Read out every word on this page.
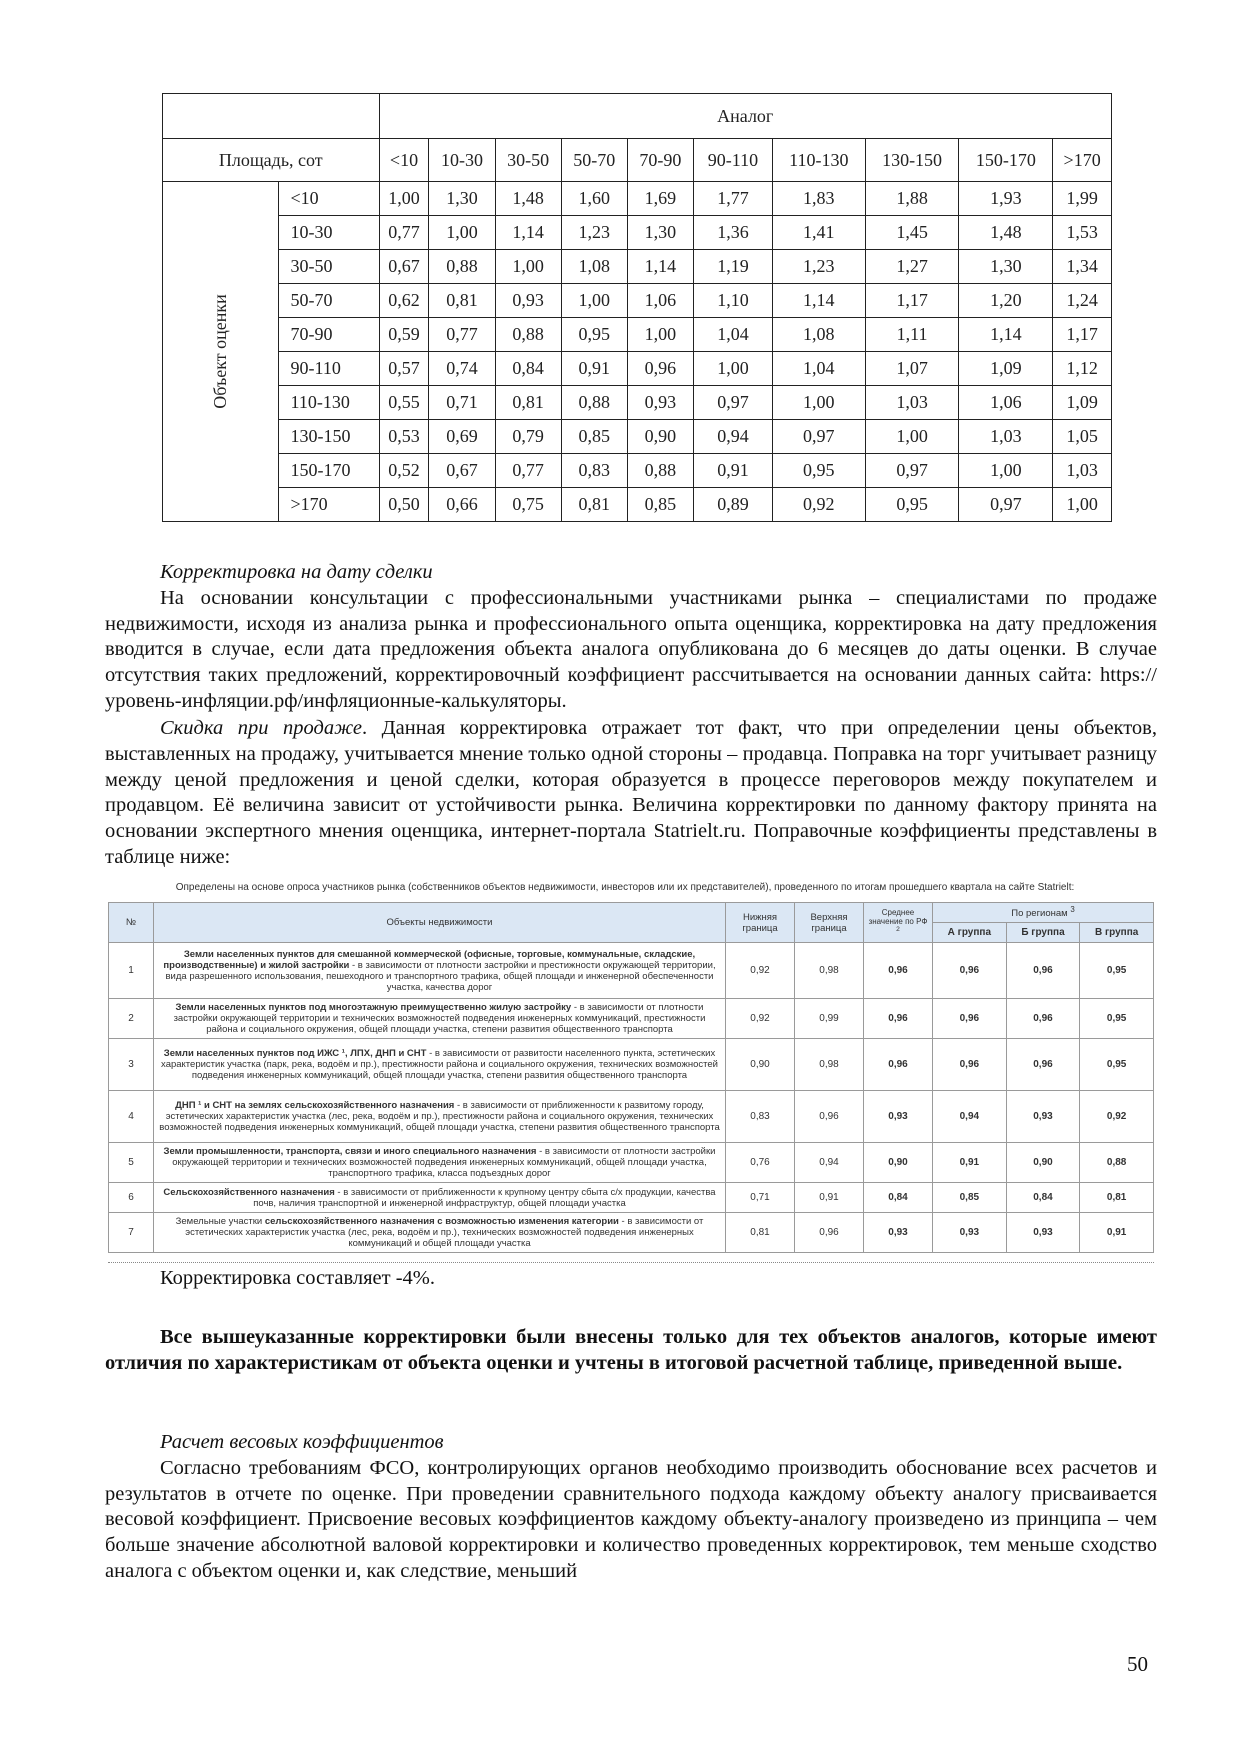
		Аналог									
Площадь, сот		<10	10-30	30-50	50-70	70-90	90-110	110-130	130-150	150-170	>170
Объект оценки	<10	1,00	1,30	1,48	1,60	1,69	1,77	1,83	1,88	1,93	1,99
	10-30	0,77	1,00	1,14	1,23	1,30	1,36	1,41	1,45	1,48	1,53
	30-50	0,67	0,88	1,00	1,08	1,14	1,19	1,23	1,27	1,30	1,34
	50-70	0,62	0,81	0,93	1,00	1,06	1,10	1,14	1,17	1,20	1,24
	70-90	0,59	0,77	0,88	0,95	1,00	1,04	1,08	1,11	1,14	1,17
	90-110	0,57	0,74	0,84	0,91	0,96	1,00	1,04	1,07	1,09	1,12
	110-130	0,55	0,71	0,81	0,88	0,93	0,97	1,00	1,03	1,06	1,09
	130-150	0,53	0,69	0,79	0,85	0,90	0,94	0,97	1,00	1,03	1,05
	150-170	0,52	0,67	0,77	0,83	0,88	0,91	0,95	0,97	1,00	1,03
	>170	0,50	0,66	0,75	0,81	0,85	0,89	0,92	0,95	0,97	1,00
Корректировка на дату сделки
На основании консультации с профессиональными участниками рынка – специалистами по продаже недвижимости, исходя из анализа рынка и профессионального опыта оценщика, корректировка на дату предложения вводится в случае, если дата предложения объекта аналога опубликована до 6 месяцев до даты оценки. В случае отсутствия таких предложений, корректировочный коэффициент рассчитывается на основании данных сайта: https://уровень-инфляции.рф/инфляционные-калькуляторы.
Скидка при продаже. Данная корректировка отражает тот факт, что при определении цены объектов, выставленных на продажу, учитывается мнение только одной стороны – продавца. Поправка на торг учитывает разницу между ценой предложения и ценой сделки, которая образуется в процессе переговоров между покупателем и продавцом. Её величина зависит от устойчивости рынка. Величина корректировки по данному фактору принята на основании экспертного мнения оценщика, интернет-портала Statrielt.ru. Поправочные коэффициенты представлены в таблице ниже:
Определены на основе опроса участников рынка (собственников объектов недвижимости, инвесторов или их представителей), проведенного по итогам прошедшего квартала на сайте Statrielt:
№	Объекты недвижимости	Нижняя граница	Верхняя граница	Среднее значение по РФ $^2$	По регионам $^3$
					А группа	Б группа	В группа
1	Земли населенных пунктов для смешанной коммерческой (офисные, торговые, коммунальные, складские, производственные) и жилой застройки - в зависимости от плотности застройки и престижности окружающей территории, вида разрешенного использования, пешеходного и транспортного трафика, общей площади и инженерной обеспеченности участка, качества дорог	0,92	0,98	0,96	0,96	0,96	0,95
2	Земли населенных пунктов под многоэтажную преимущественно жилую застройку - в зависимости от плотности застройки окружающей территории и технических возможностей подведения инженерных коммуникаций, престижности района и социального окружения, общей площади участка, степени развития общественного транспорта	0,92	0,99	0,96	0,96	0,96	0,95
3	Земли населенных пунктов под ИЖС ¹, ЛПХ, ДНП и СНТ - в зависимости от развитости населенного пункта, эстетических характеристик участка (парк, река, водоём и пр.), престижности района и социального окружения, технических возможностей подведения инженерных коммуникаций, общей площади участка, степени развития общественного транспорта	0,90	0,98	0,96	0,96	0,96	0,95
4	ДНП ¹ и СНТ на землях сельскохозяйственного назначения - в зависимости от приближенности к развитому городу, эстетических характеристик участка (лес, река, водоём и пр.), престижности района и социального окружения, технических возможностей подведения инженерных коммуникаций, общей площади участка, степени развития общественного транспорта	0,83	0,96	0,93	0,94	0,93	0,92
5	Земли промышленности, транспорта, связи и иного специального назначения - в зависимости от плотности застройки окружающей территории и технических возможностей подведения инженерных коммуникаций, общей площади участка, транспортного трафика, класса подъездных дорог	0,76	0,94	0,90	0,91	0,90	0,88
6	Сельскохозяйственного назначения - в зависимости от приближенности к крупному центру сбыта с/х продукции, качества почв, наличия транспортной и инженерной инфраструктур, общей площади участка	0,71	0,91	0,84	0,85	0,84	0,81
7	Земельные участки сельскохозяйственного назначения с возможностью изменения категории - в зависимости от эстетических характеристик участка (лес, река, водоём и пр.), технических возможностей подведения инженерных коммуникаций и общей площади участка	0,81	0,96	0,93	0,93	0,93	0,91
Корректировка составляет -4%.
Все вышеуказанные корректировки были внесены только для тех объектов аналогов, которые имеют отличия по характеристикам от объекта оценки и учтены в итоговой расчетной таблице, приведенной выше.
Расчет весовых коэффициентов
Согласно требованиям ФСО, контролирующих органов необходимо производить обоснование всех расчетов и результатов в отчете по оценке. При проведении сравнительного подхода каждому объекту аналогу присваивается весовой коэффициент. Присвоение весовых коэффициентов каждому объекту-аналогу произведено из принципа – чем больше значение абсолютной валовой корректировки и количество проведенных корректировок, тем меньше сходство аналога с объектом оценки и, как следствие, меньший
50
